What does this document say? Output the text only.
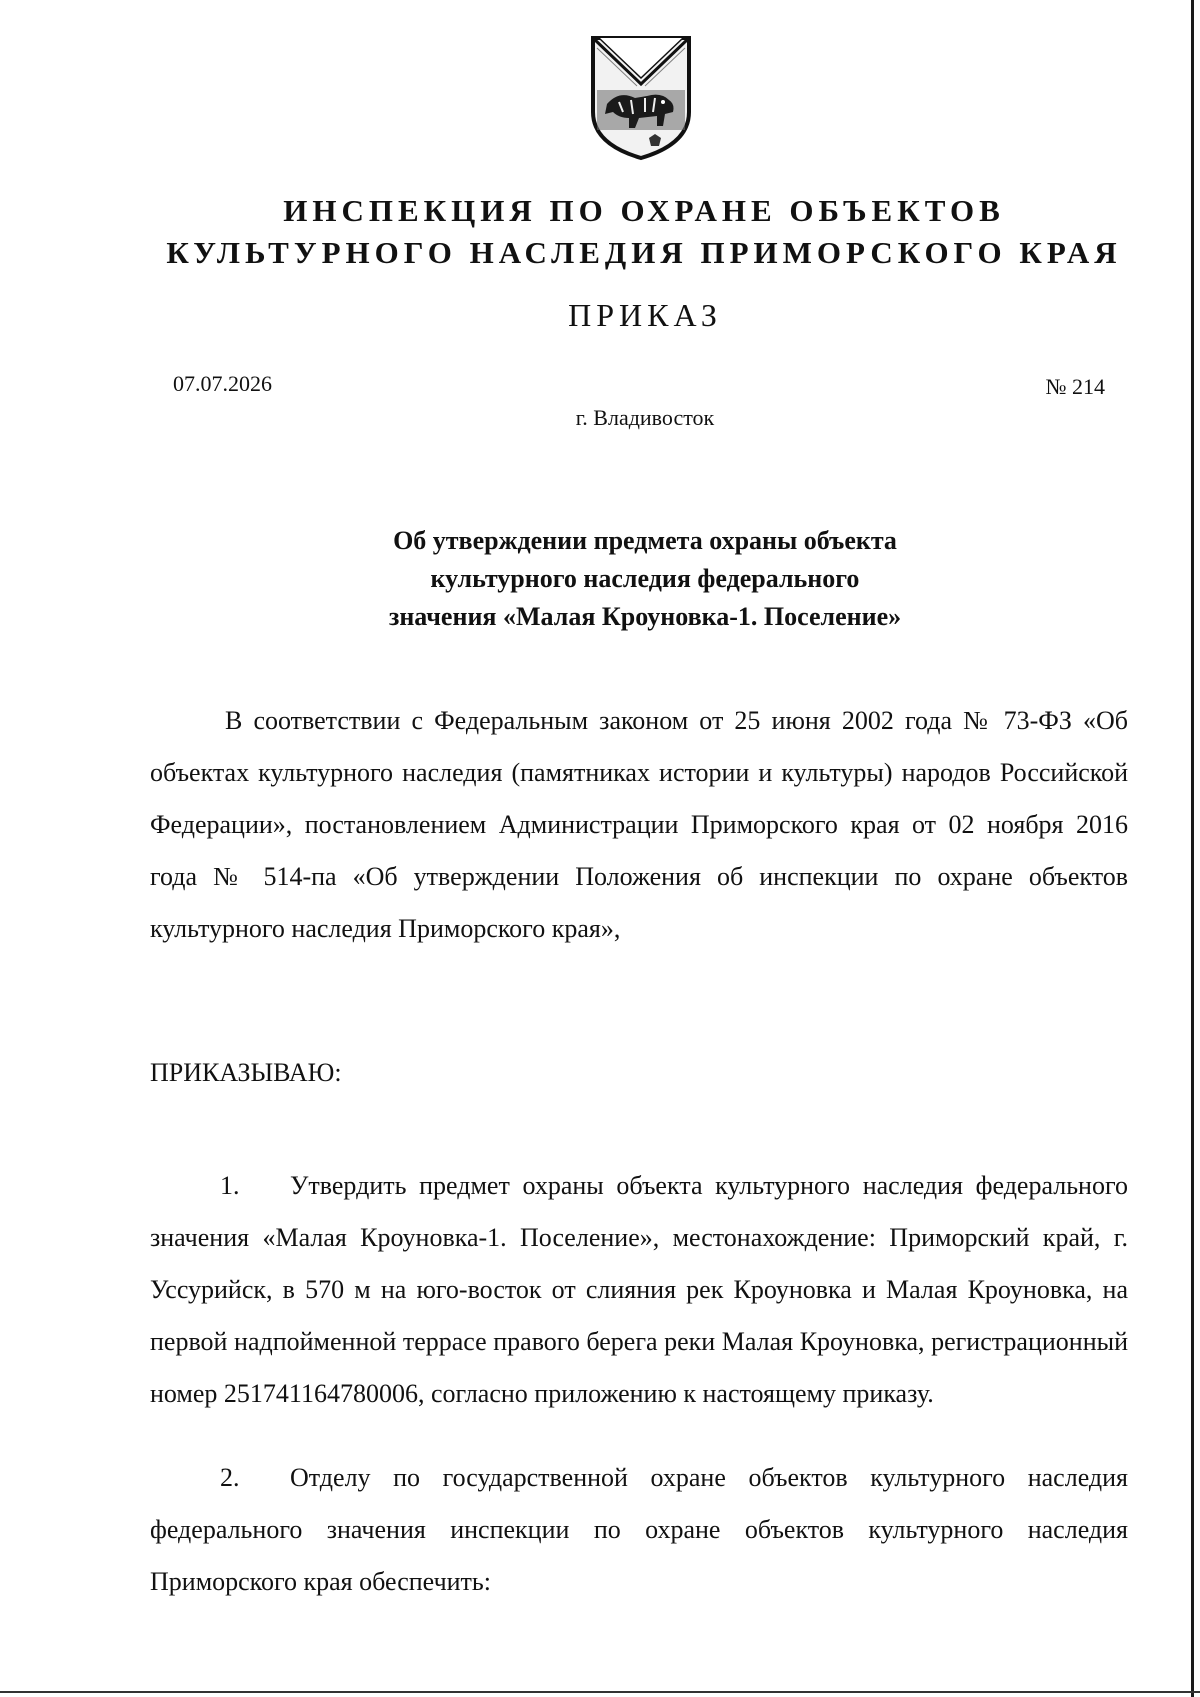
ИНСПЕКЦИЯ ПО ОХРАНЕ ОБЪЕКТОВ
КУЛЬТУРНОГО НАСЛЕДИЯ ПРИМОРСКОГО КРАЯ
ПРИКАЗ
07.07.2026	№ 214
г. Владивосток
Об утверждении предмета охраны объекта
культурного наследия федерального
значения «Малая Кроуновка-1. Поселение»
В соответствии с Федеральным законом от 25 июня 2002 года № 73-ФЗ «Об объектах культурного наследия (памятниках истории и культуры) народов Российской Федерации», постановлением Администрации Приморского края от 02 ноября 2016 года № 514-па «Об утверждении Положения об инспекции по охране объектов культурного наследия Приморского края»,
ПРИКАЗЫВАЮ:
1. Утвердить предмет охраны объекта культурного наследия федерального значения «Малая Кроуновка-1. Поселение», местонахождение: Приморский край, г. Уссурийск, в 570 м на юго-восток от слияния рек Кроуновка и Малая Кроуновка, на первой надпойменной террасе правого берега реки Малая Кроуновка, регистрационный номер 251741164780006, согласно приложению к настоящему приказу.
2. Отделу по государственной охране объектов культурного наследия федерального значения инспекции по охране объектов культурного наследия Приморского края обеспечить:
